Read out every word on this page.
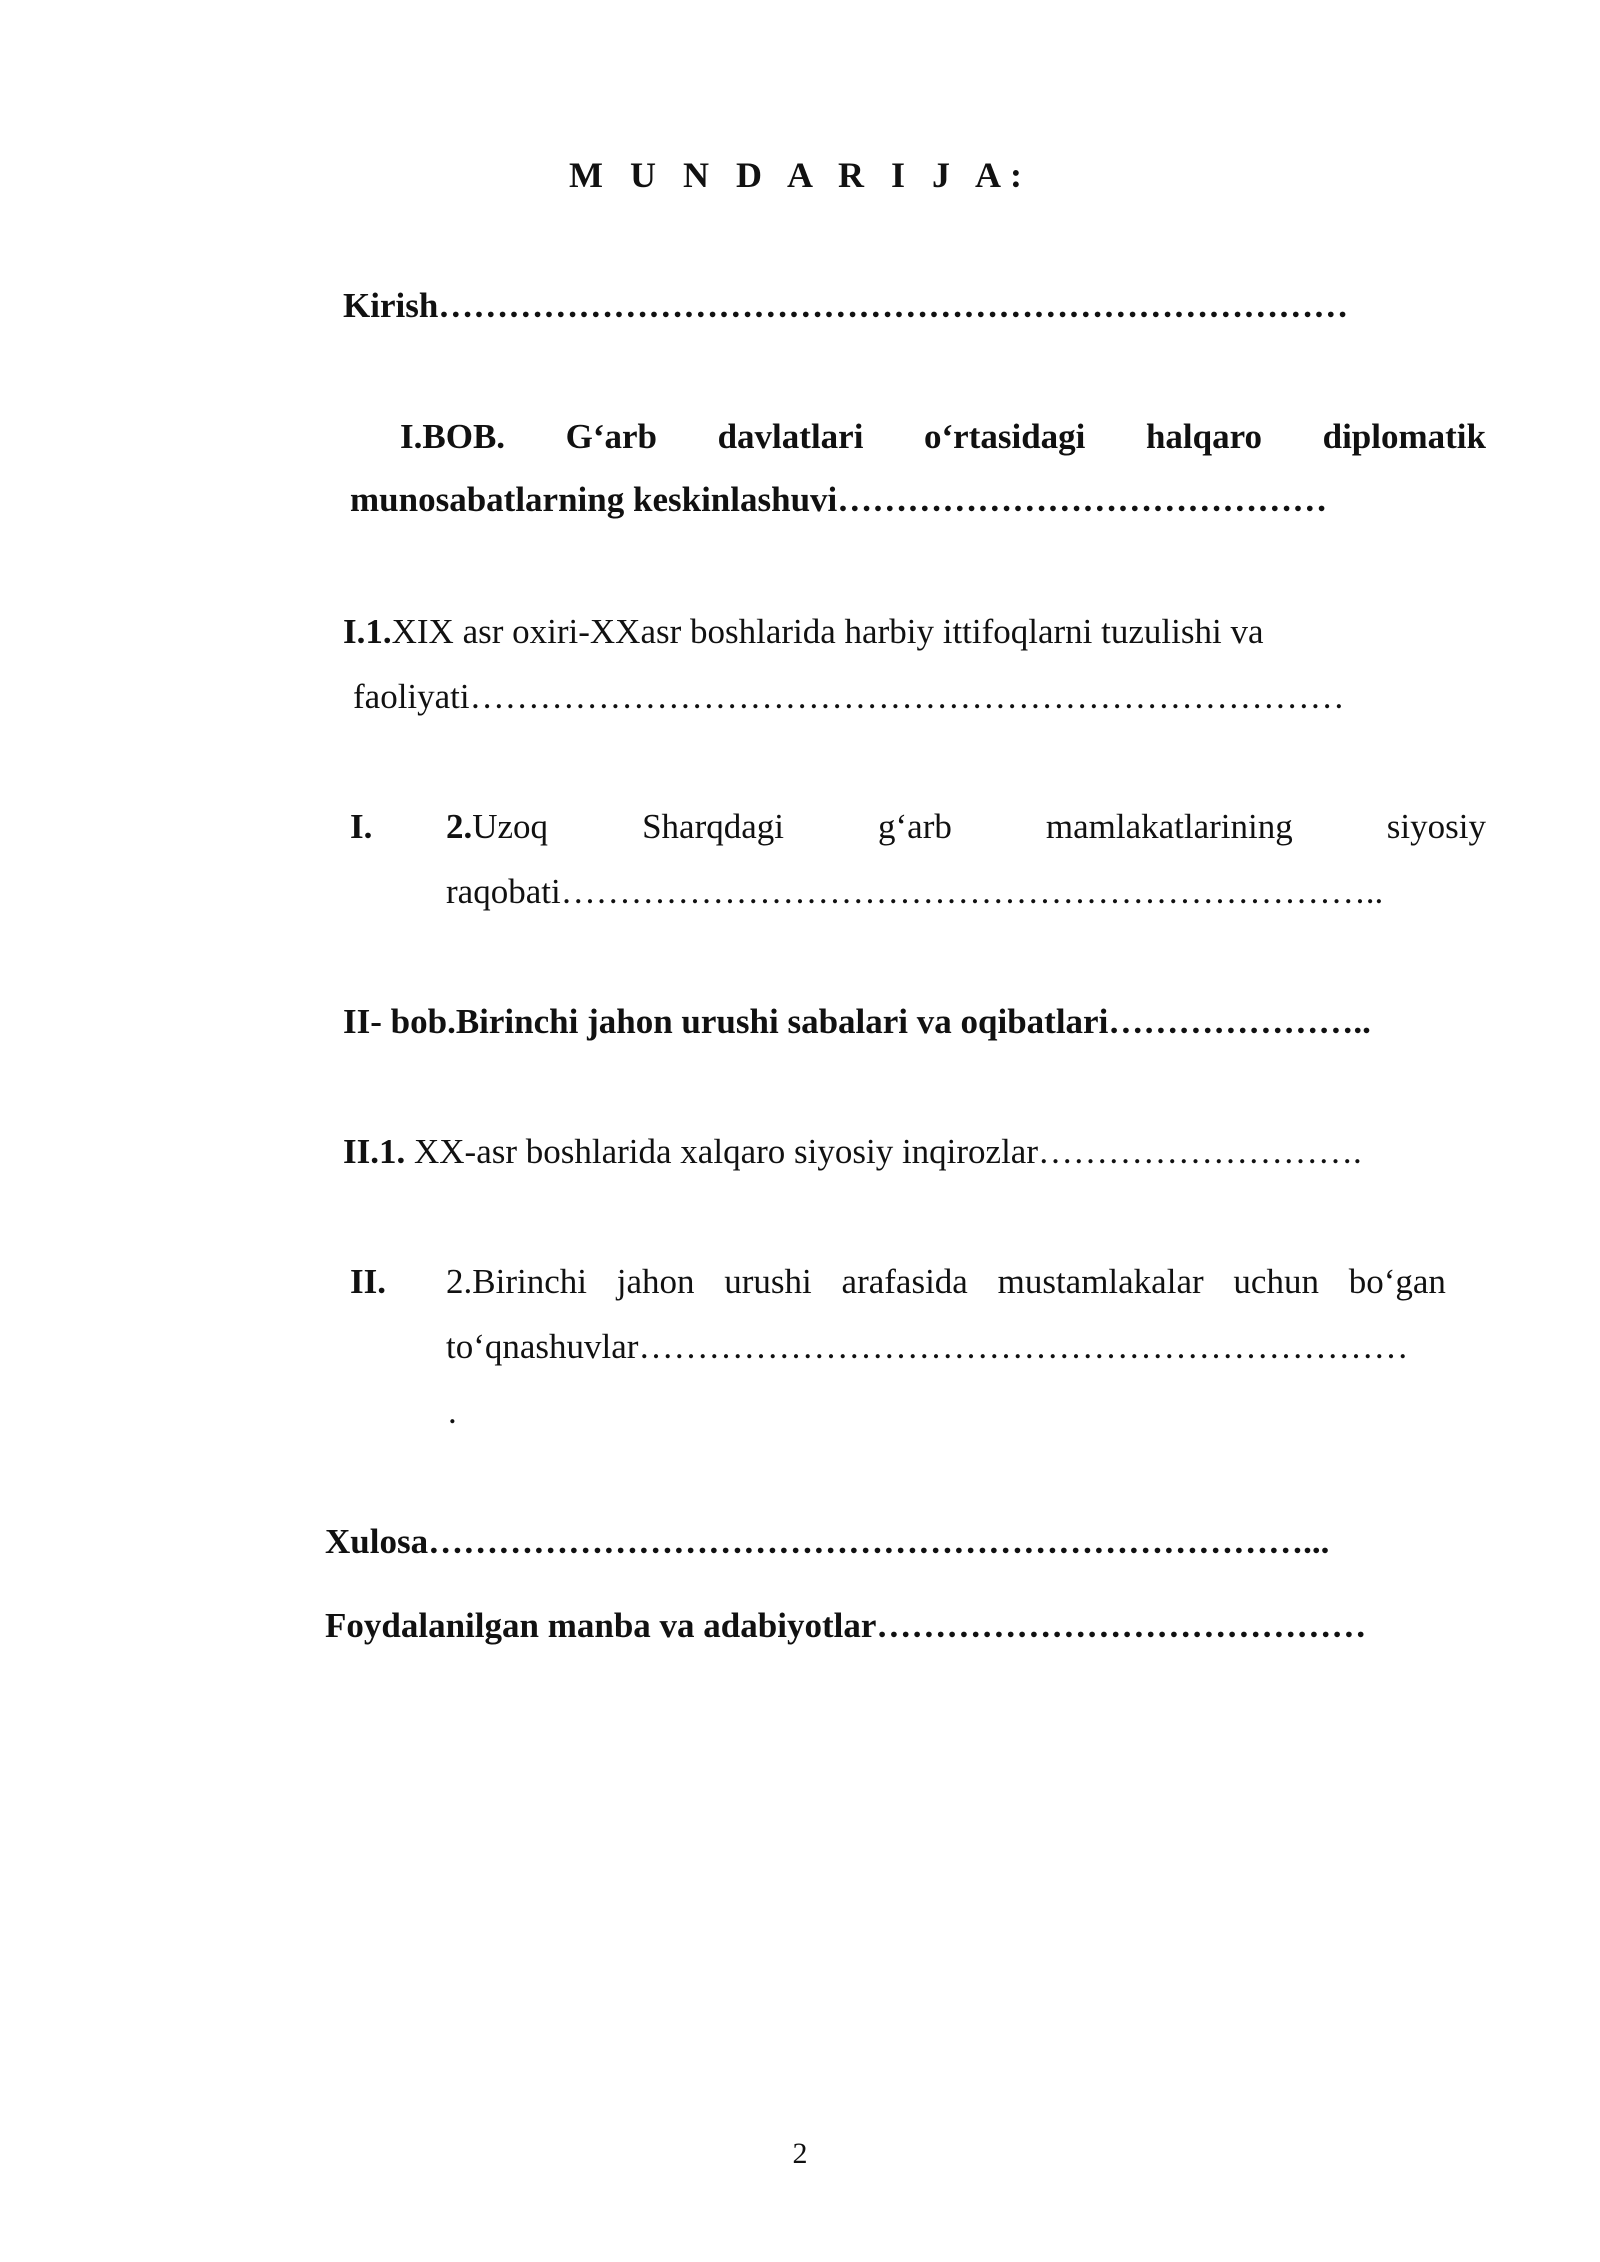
M U N D A R I J A:
Kirish……………………………………………………………………
I.BOB. G‘arb davlatlari o‘rtasidagi halqaro diplomatik
munosabatlarning keskinlashuvi……………………………………
I.1.XIX asr oxiri-XXasr boshlarida harbiy ittifoqlarni tuzulishi va
faoliyati…………………………………………………………………
I. 2.Uzoq	Sharqdagi	g‘arb	mamlakatlarining	siyosiy
raqobati……………………………………………………………..
II- bob.Birinchi jahon urushi sabalari va oqibatlari…………………..
II.1. XX-asr boshlarida xalqaro siyosiy inqirozlar……………………….
II. 2.Birinchi jahon urushi arafasida mustamlakalar uchun bo‘gan
to‘qnashuvlar…………………………………………………………
.
Xulosa…………………………………………………………………...
Foydalanilgan manba va adabiyotlar……………………………………
2
